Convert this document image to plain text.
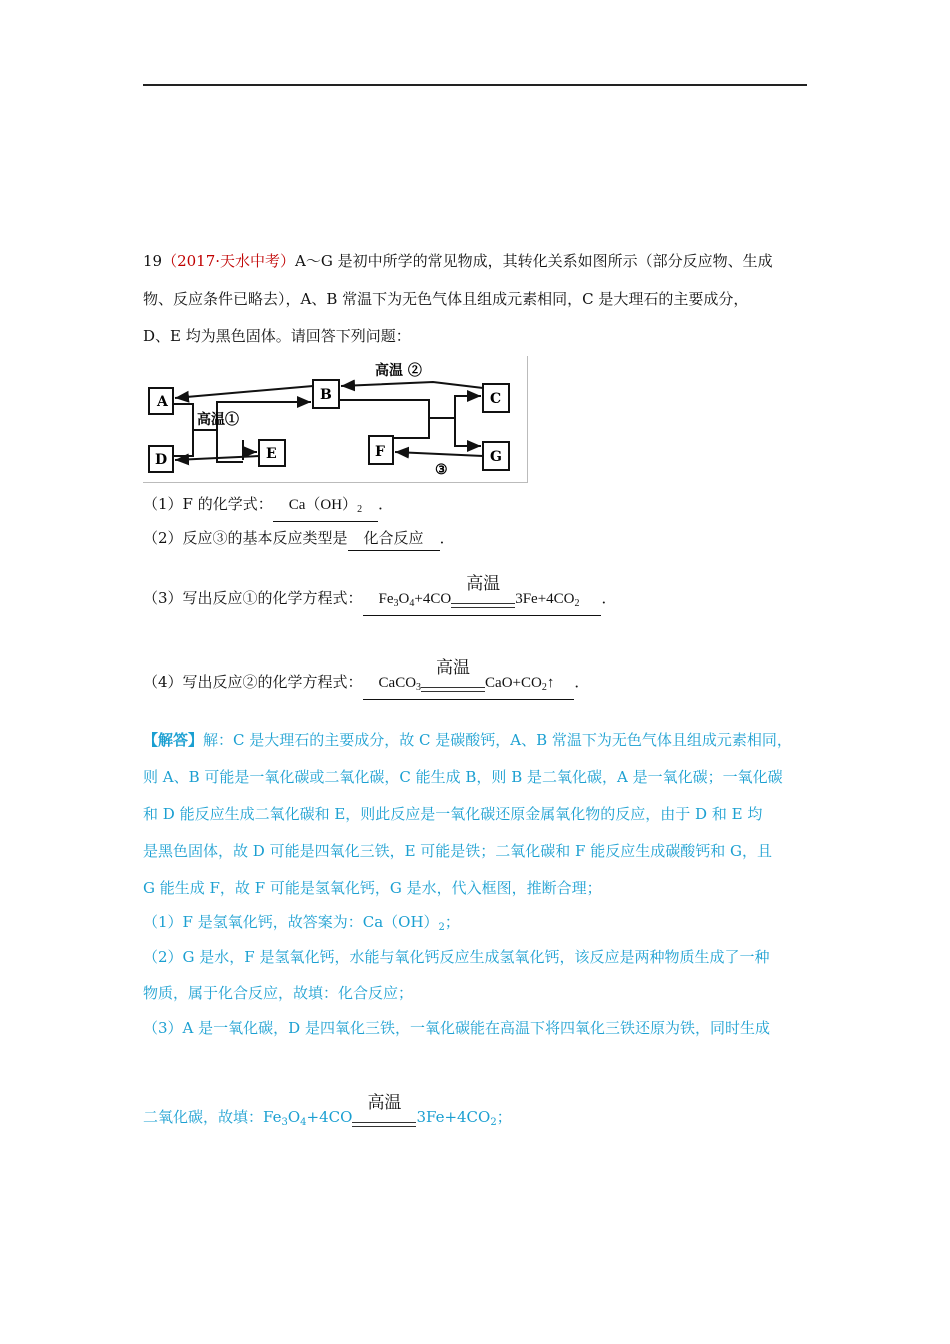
19（2017·天水中考）A～G 是初中所学的常见物成，其转化关系如图所示（部分反应物、生成
物、反应条件已略去），A、B 常温下为无色气体且组成元素相同，C 是大理石的主要成分，
D、E 均为黑色固体。请回答下列问题：
A	B	C
D	E	F	G
高温①
高温 ②
③
（1）F 的化学式： $Ca(OH)_2$ ．
（2）反应③的基本反应类型是 化合反应 ．
（3）写出反应①的化学方程式： $Fe_3O_4+4CO$
高温
$3Fe+4CO_2$ ．
（4）写出反应②的化学方程式： CaCO$_3$
高温
$CaO+CO_2↑$ ．
【解答】解：C 是大理石的主要成分，故 C 是碳酸钙，A、B 常温下为无色气体且组成元素相同，
则 A、B 可能是一氧化碳或二氧化碳，C 能生成 B，则 B 是二氧化碳，A 是一氧化碳；一氧化碳
和 D 能反应生成二氧化碳和 E，则此反应是一氧化碳还原金属氧化物的反应，由于 D 和 E 均
是黑色固体，故 D 可能是四氧化三铁，E 可能是铁；二氧化碳和 F 能反应生成碳酸钙和 G，且
G 能生成 F，故 F 可能是氢氧化钙，G 是水，代入框图，推断合理；
（1）F 是氢氧化钙，故答案为：$Ca(OH)_2$；
（2）G 是水，F 是氢氧化钙，水能与氧化钙反应生成氢氧化钙，该反应是两种物质生成了一种
物质，属于化合反应，故填：化合反应；
（3）A 是一氧化碳，D 是四氧化三铁，一氧化碳能在高温下将四氧化三铁还原为铁，同时生成
二氧化碳，故填：$Fe_3O_4+4CO$
高温
$3Fe+4CO_2$；
